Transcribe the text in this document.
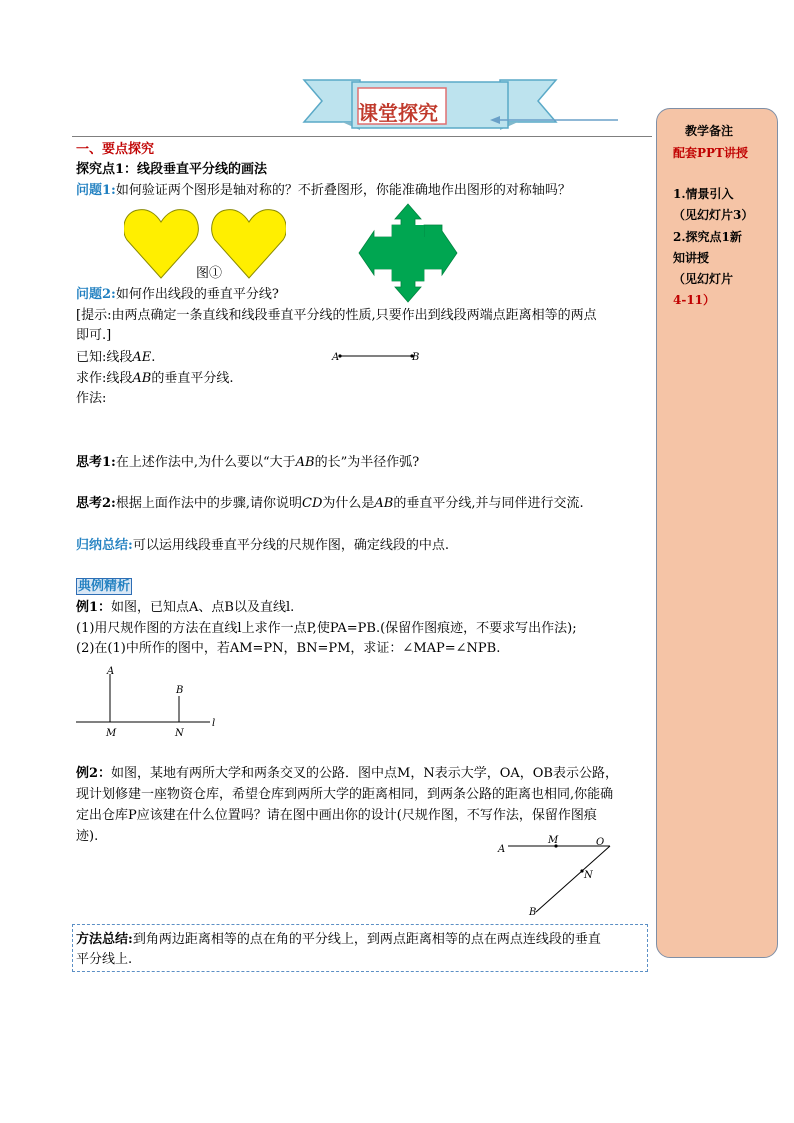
课堂探究
教学备注
配套PPT讲授
1.情景引入
（见幻灯片3）
2.探究点1新
知讲授
（见幻灯片
4-11）
一、要点探究
探究点1：线段垂直平分线的画法
问题1:如何验证两个图形是轴对称的？不折叠图形，你能准确地作出图形的对称轴吗？
图①
问题2:如何作出线段的垂直平分线?
[提示:由两点确定一条直线和线段垂直平分线的性质,只要作出到线段两端点距离相等的两点
即可.]
已知:线段AE.	A	B
求作:线段AB的垂直平分线.
作法:
思考1:在上述作法中,为什么要以“大于AB的长”为半径作弧?
思考2:根据上面作法中的步骤,请你说明CD为什么是AB的垂直平分线,并与同伴进行交流.
归纳总结:可以运用线段垂直平分线的尺规作图，确定线段的中点.
典例精析
例1：如图，已知点A、点B以及直线l.
(1)用尺规作图的方法在直线l上求作一点P,使PA=PB.(保留作图痕迹，不要求写出作法);
(2)在(1)中所作的图中，若AM=PN，BN=PM，求证：∠MAP=∠NPB.
A
B
M	N
l
例2：如图，某地有两所大学和两条交叉的公路．图中点M，N表示大学，OA，OB表示公路，
现计划修建一座物资仓库，希望仓库到两所大学的距离相同，到两条公路的距离也相同,你能确
定出仓库P应该建在什么位置吗？请在图中画出你的设计(尺规作图，不写作法，保留作图痕
迹).
A
M	O
N
B
方法总结:到角两边距离相等的点在角的平分线上，到两点距离相等的点在两点连线段的垂直
平分线上.
